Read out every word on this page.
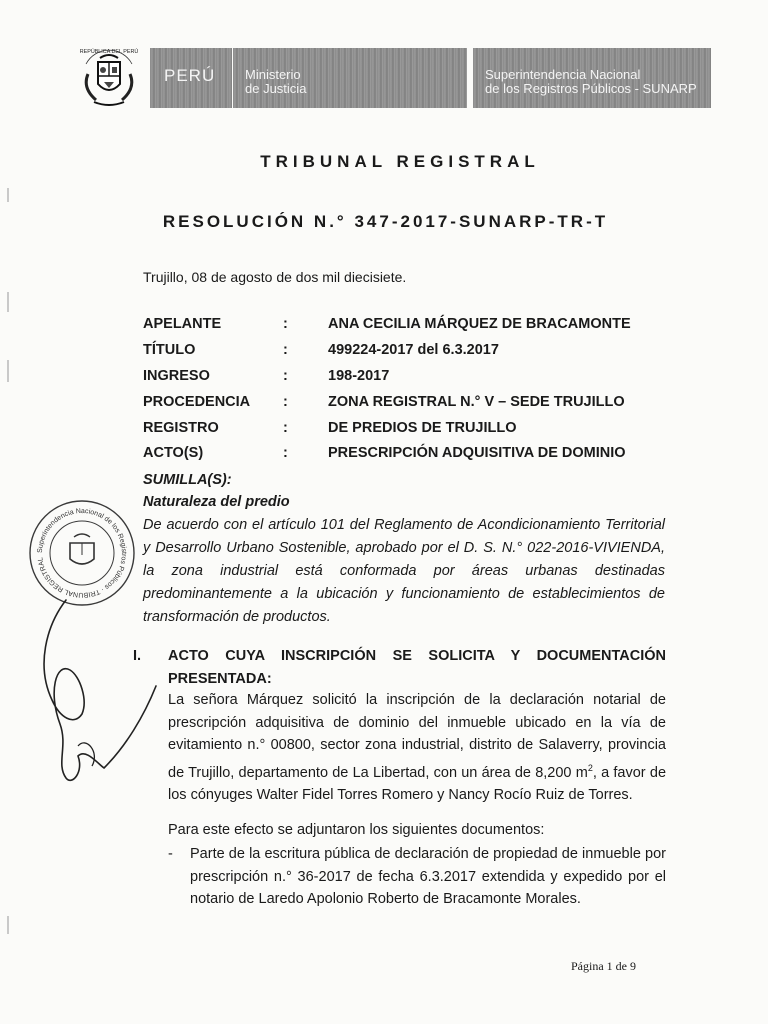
REPÚBLICA DEL PERÚ
PERÚ Ministerio
de Justicia
Superintendencia Nacional
de los Registros Públicos - SUNARP
TRIBUNAL REGISTRAL
RESOLUCIÓN N.° 347-2017-SUNARP-TR-T
Trujillo, 08 de agosto de dos mil diecisiete.
APELANTE	:	ANA CECILIA MÁRQUEZ DE BRACAMONTE
TÍTULO	:	499224-2017 del 6.3.2017
INGRESO	:	198-2017
PROCEDENCIA :	ZONA REGISTRAL N.° V – SEDE TRUJILLO
REGISTRO	:	DE PREDIOS DE TRUJILLO
ACTO(S)	:	PRESCRIPCIÓN ADQUISITIVA DE DOMINIO
SUMILLA(S):
Naturaleza del predio
De acuerdo con el artículo 101 del Reglamento de Acondicionamiento Territorial y Desarrollo Urbano Sostenible, aprobado por el D. S. N.° 022-2016-VIVIENDA, la zona industrial está conformada por áreas urbanas destinadas predominantemente a la ubicación y funcionamiento de establecimientos de transformación de productos.
I. ACTO CUYA INSCRIPCIÓN SE SOLICITA Y DOCUMENTACIÓN PRESENTADA:
La señora Márquez solicitó la inscripción de la declaración notarial de prescripción adquisitiva de dominio del inmueble ubicado en la vía de evitamiento n.° 00800, sector zona industrial, distrito de Salaverry, provincia de Trujillo, departamento de La Libertad, con un área de 8,200 $m^2$, a favor de los cónyuges Walter Fidel Torres Romero y Nancy Rocío Ruiz de Torres.
Para este efecto se adjuntaron los siguientes documentos:
- Parte de la escritura pública de declaración de propiedad de inmueble por prescripción n.° 36-2017 de fecha 6.3.2017 extendida y expedido por el notario de Laredo Apolonio Roberto de Bracamonte Morales.
Superintendencia Nacional de los Registros Públicos · TRIBUNAL REGISTRAL
Página 1 de 9
